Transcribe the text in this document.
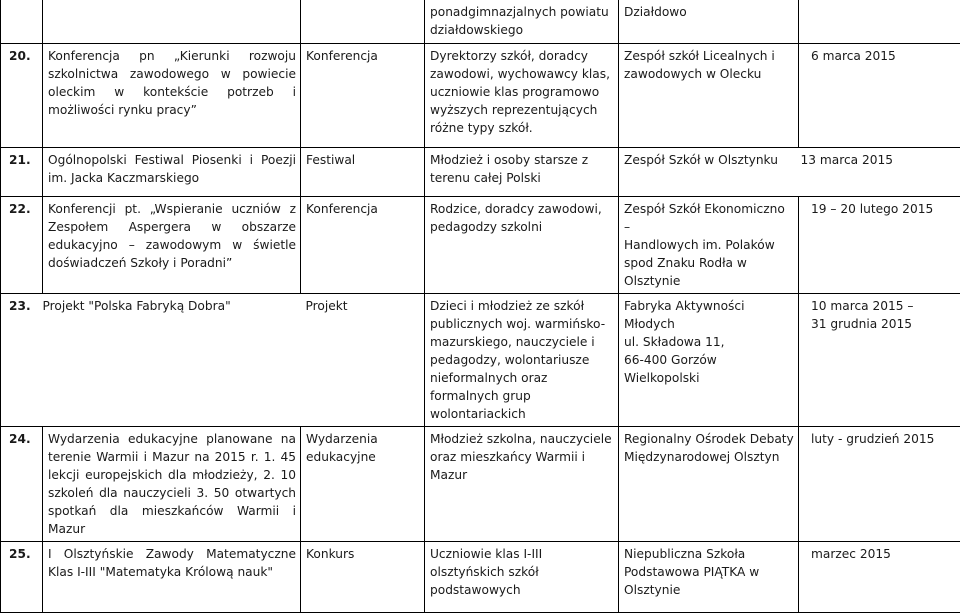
			ponadgimnazjalnych powiatu działdowskiego	Działdowo	

20.	Konferencja pn „Kierunki rozwoju szkolnictwa zawodowego w powiecie oleckim w kontekście potrzeb i możliwości rynku pracy”	Konferencja	Dyrektorzy szkół, doradcy zawodowi, wychowawcy klas, uczniowie klas programowo wyższych reprezentujących różne typy szkół.	Zespół szkół Licealnych i zawodowych w Olecku	6 marca 2015

21.	Ogólnopolski Festiwal Piosenki i Poezji im. Jacka Kaczmarskiego	Festiwal	Młodzież i osoby starsze z terenu całej Polski	Zespół Szkół w Olsztynku	13 marca 2015

22.	Konferencji pt. „Wspieranie uczniów z Zespołem Aspergera w obszarze edukacyjno – zawodowym w świetle doświadczeń Szkoły i Poradni”	Konferencja	Rodzice, doradcy zawodowi, pedagodzy szkolni	Zespół Szkół Ekonomiczno –
Handlowych im. Polaków
spod Znaku Rodła w
Olsztynie	19 – 20 lutego 2015

23.	Projekt "Polska Fabryką Dobra"	Projekt	Dzieci i młodzież ze szkół publicznych woj. warmińsko-mazurskiego, nauczyciele i pedagodzy, wolontariusze nieformalnych oraz formalnych grup wolontariackich	Fabryka Aktywności Młodych
ul. Składowa 11,
66-400 Gorzów Wielkopolski	10 marca 2015 –
31 grudnia 2015

24.	Wydarzenia edukacyjne planowane na terenie Warmii i Mazur na 2015 r. 1. 45 lekcji europejskich dla młodzieży, 2. 10 szkoleń dla nauczycieli 3. 50 otwartych spotkań dla mieszkańców Warmii i Mazur	Wydarzenia edukacyjne	Młodzież szkolna, nauczyciele oraz mieszkańcy Warmii i Mazur	Regionalny Ośrodek Debaty
Międzynarodowej Olsztyn	luty - grudzień 2015

25.	I Olsztyńskie Zawody Matematyczne Klas I-III "Matematyka Królową nauk"	Konkurs	Uczniowie klas I-III olsztyńskich szkół podstawowych	Niepubliczna Szkoła
Podstawowa PIĄTKA w
Olsztynie	marzec 2015
